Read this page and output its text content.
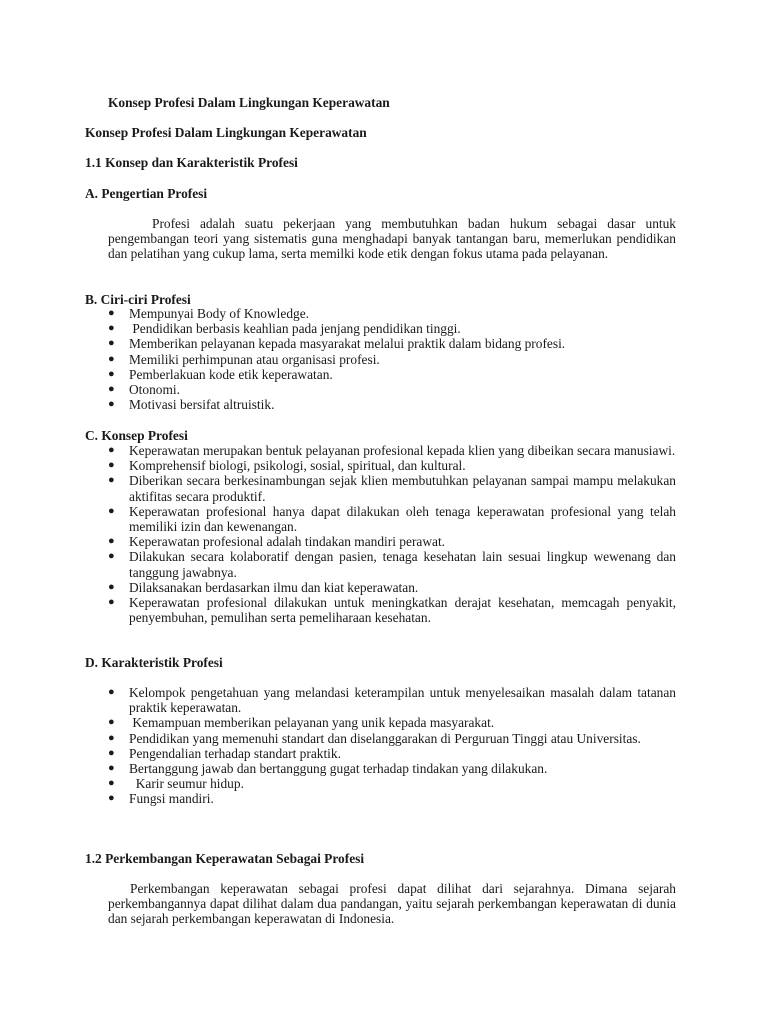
Konsep Profesi Dalam Lingkungan Keperawatan
Konsep Profesi Dalam Lingkungan Keperawatan
1.1 Konsep dan Karakteristik Profesi
A. Pengertian Profesi
Profesi adalah suatu pekerjaan yang membutuhkan badan hukum sebagai dasar untuk pengembangan teori yang sistematis guna menghadapi banyak tantangan baru, memerlukan pendidikan dan pelatihan yang cukup lama, serta memilki kode etik dengan fokus utama pada pelayanan.
B. Ciri-ciri Profesi
● Mempunyai Body of Knowledge.
● Pendidikan berbasis keahlian pada jenjang pendidikan tinggi.
● Memberikan pelayanan kepada masyarakat melalui praktik dalam bidang profesi.
● Memiliki perhimpunan atau organisasi profesi.
● Pemberlakuan kode etik keperawatan.
● Otonomi.
● Motivasi bersifat altruistik.
C. Konsep Profesi
● Keperawatan merupakan bentuk pelayanan profesional kepada klien yang dibeikan secara manusiawi.
● Komprehensif biologi, psikologi, sosial, spiritual, dan kultural.
● Diberikan secara berkesinambungan sejak klien membutuhkan pelayanan sampai mampu melakukan aktifitas secara produktif.
● Keperawatan profesional hanya dapat dilakukan oleh tenaga keperawatan profesional yang telah memiliki izin dan kewenangan.
● Keperawatan profesional adalah tindakan mandiri perawat.
● Dilakukan secara kolaboratif dengan pasien, tenaga kesehatan lain sesuai lingkup wewenang dan tanggung jawabnya.
● Dilaksanakan berdasarkan ilmu dan kiat keperawatan.
● Keperawatan profesional dilakukan untuk meningkatkan derajat kesehatan, memcagah penyakit, penyembuhan, pemulihan serta pemeliharaan kesehatan.
D. Karakteristik Profesi
● Kelompok pengetahuan yang melandasi keterampilan untuk menyelesaikan masalah dalam tatanan praktik keperawatan.
● Kemampuan memberikan pelayanan yang unik kepada masyarakat.
● Pendidikan yang memenuhi standart dan diselanggarakan di Perguruan Tinggi atau Universitas.
● Pengendalian terhadap standart praktik.
● Bertanggung jawab dan bertanggung gugat terhadap tindakan yang dilakukan.
● Karir seumur hidup.
● Fungsi mandiri.
1.2 Perkembangan Keperawatan Sebagai Profesi
Perkembangan keperawatan sebagai profesi dapat dilihat dari sejarahnya. Dimana sejarah perkembangannya dapat dilihat dalam dua pandangan, yaitu sejarah perkembangan keperawatan di dunia dan sejarah perkembangan keperawatan di Indonesia.
